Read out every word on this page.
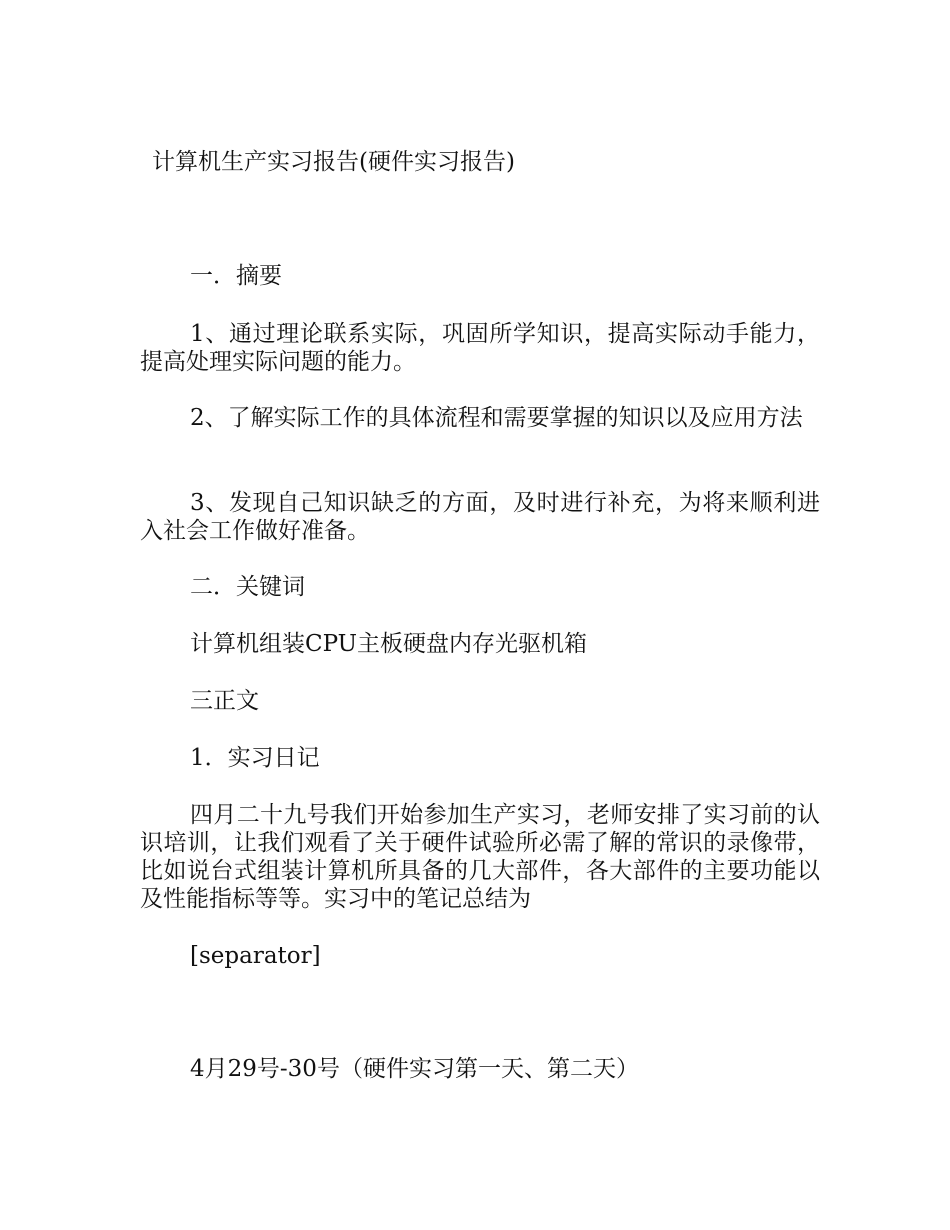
计算机生产实习报告(硬件实习报告)

一．摘要

1、通过理论联系实际，巩固所学知识，提高实际动手能力，提高处理实际问题的能力。

2、了解实际工作的具体流程和需要掌握的知识以及应用方法

3、发现自己知识缺乏的方面，及时进行补充，为将来顺利进入社会工作做好准备。

二．关键词

计算机组装CPU主板硬盘内存光驱机箱

三正文

1．实习日记

四月二十九号我们开始参加生产实习，老师安排了实习前的认识培训，让我们观看了关于硬件试验所必需了解的常识的录像带，比如说台式组装计算机所具备的几大部件，各大部件的主要功能以及性能指标等等。实习中的笔记总结为

[separator]

4月29号-30号（硬件实习第一天、第二天）
